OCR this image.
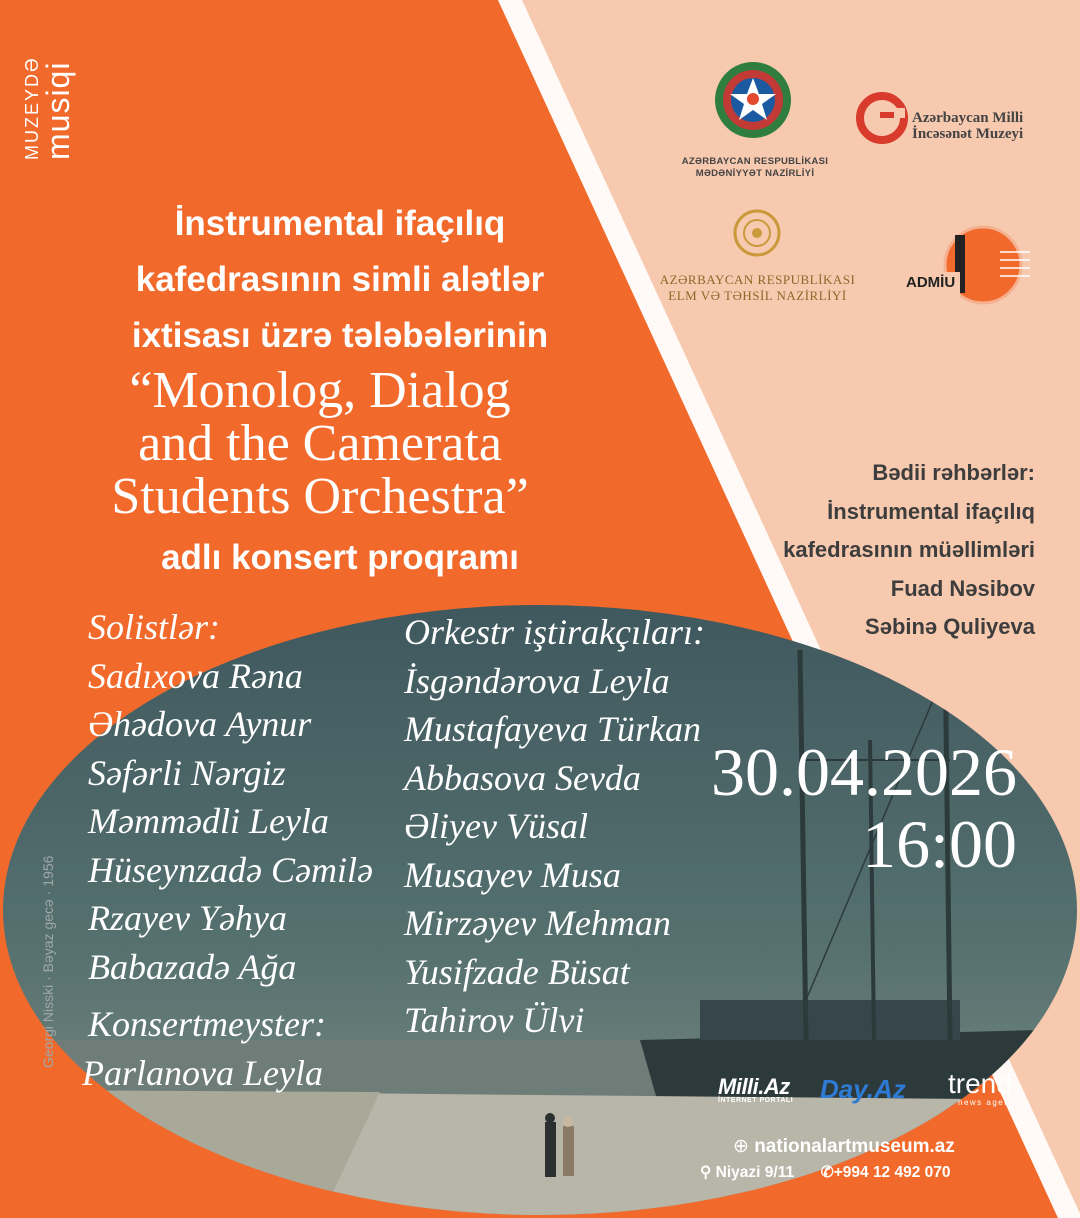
MUZEYDƏ
musiqi
İnstrumental ifaçılıq
kafedrasının simli alətlər
ixtisası üzrə tələbələrinin
“Monolog, Dialog
and the Camerata
Students Orchestra”
adlı konsert proqramı
AZƏRBAYCAN RESPUBLİKASI
MƏDƏNİYYƏT NAZİRLİYİ
Azərbaycan Milli
İncəsənət Muzeyi
AZƏRBAYCAN RESPUBLİKASI
ELM VƏ TƏHSİL NAZİRLİYİ
ADMİU
Bədii rəhbərlər:
İnstrumental ifaçılıq
kafedrasının müəllimləri
Fuad Nəsibov
Səbinə Quliyeva
Solistlər:
Sadıxova Rəna
Əhədova Aynur
Səfərli Nərgiz
Məmmədli Leyla
Hüseynzadə Cəmilə
Rzayev Yəhya
Babazadə Ağa
Konsertmeyster:
Parlanova Leyla
Orkestr iştirakçıları:
İsgəndərova Leyla
Mustafayeva Türkan
Abbasova Sevda
Əliyev Vüsal
Musayev Musa
Mirzəyev Mehman
Yusifzade Büsat
Tahirov Ülvi
30.04.2026
16:00
Georgi Nisski · Bəyaz gecə · 1956
Milli.Az
İNTERNET PORTALI Day.Az trend
news agency
⊕ nationalartmuseum.az
⚲ Niyazi 9/11 ✆+994 12 492 070
